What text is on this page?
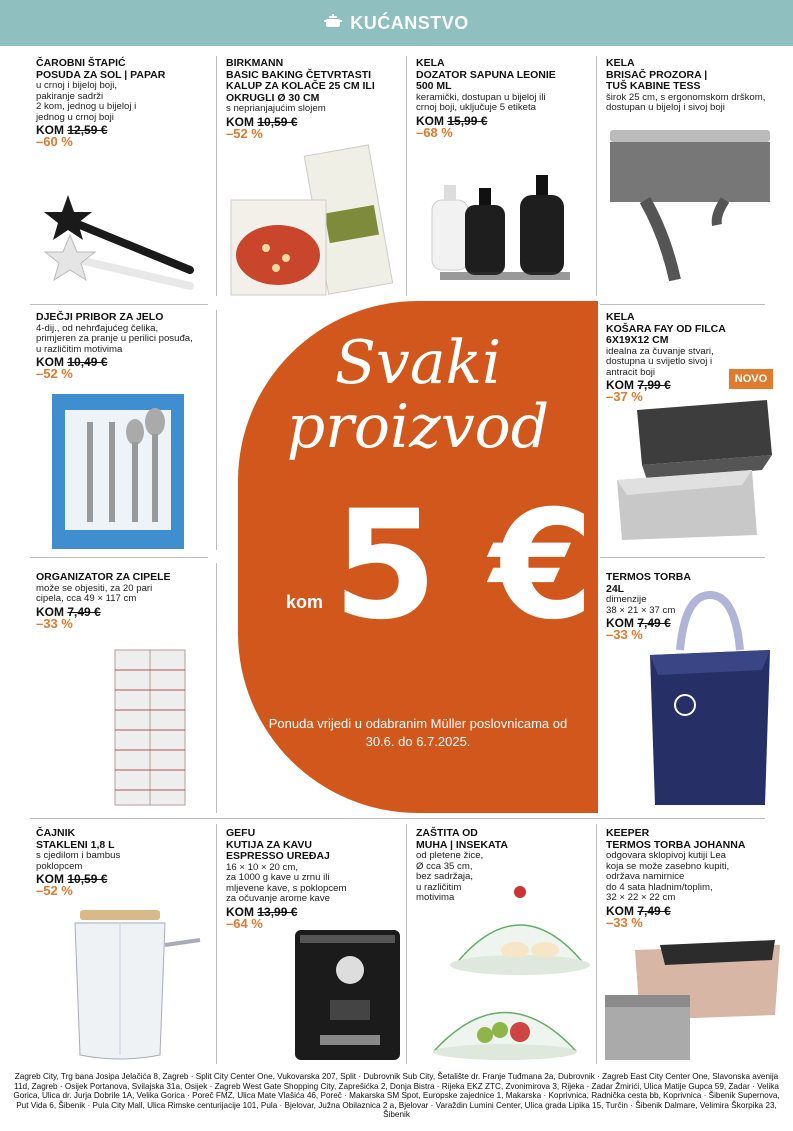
KUĆANSTVO
ČAROBNI ŠTAPIĆ
POSUDA ZA SOL | PAPAR
u crnoj i bijeloj boji,
pakiranje sadrži
2 kom, jednog u bijeloj i
jednog u crnoj boji
KOM 12,59 €
–60 %
BIRKMANN
BASIC BAKING ČETVRTASTI
KALUP ZA KOLAČE 25 CM ILI
OKRUGLI Ø 30 CM
s neprianjajućim slojem
KOM 10,59 €
–52 %
KELA
DOZATOR SAPUNA LEONIE
500 ML
keramički, dostupan u bijeloj ili
crnoj boji, uključuje 5 etiketa
KOM 15,99 €
–68 %
KELA
BRISAČ PROZORA |
TUŠ KABINE TESS
širok 25 cm, s ergonomskom drškom,
dostupan u bijeloj i sivoj boji
DJEČJI PRIBOR ZA JELO
4-dij., od nehrđajućeg čelika,
primjeren za pranje u perilici posuđa,
u različitim motivima
KOM 10,49 €
–52 %
KELA
KOŠARA FAY OD FILCA
6X19X12 CM
idealna za čuvanje stvari,
dostupna u svijetlo sivoj i
antracit boji
KOM 7,99 €
–37 %
NOVO
ORGANIZATOR ZA CIPELE
može se objesiti, za 20 pari
cipela, cca 49 × 117 cm
KOM 7,49 €
–33 %
TERMOS TORBA
24L
dimenzije
38 × 21 × 37 cm
KOM 7,49 €
–33 %
Svaki
proizvod
kom 5 €
Ponuda vrijedi u odabranim Müller poslovnicama od 30.6. do 6.7.2025.
ČAJNIK
STAKLENI 1,8 L
s cjedilom i bambus
poklopcem
KOM 10,59 €
–52 %
GEFU
KUTIJA ZA KAVU
ESPRESSO UREĐAJ
16 × 10 × 20 cm,
za 1000 g kave u zrnu ili
mljevene kave, s poklopcem
za očuvanje arome kave
KOM 13,99 €
–64 %
ZAŠTITA OD
MUHA | INSEKATA
od pletene žice,
Ø cca 35 cm,
bez sadržaja,
u različitim
motivima
KEEPER
TERMOS TORBA JOHANNA
odgovara sklopivoj kutiji Lea
koja se može zasebno kupiti,
održava namirnice
do 4 sata hladnim/toplim,
32 × 22 × 22 cm
KOM 7,49 €
–33 %
Zagreb City, Trg bana Josipa Jelačića 8, Zagreb · Split City Center One, Vukovarska 207, Split · Dubrovnik Sub City, Šetalište dr. Franje Tuđmana 2a, Dubrovnik · Zagreb East City Center One, Slavonska avenija 11d, Zagreb · Osijek Portanova, Svilajska 31a, Osijek · Zagreb West Gate Shopping City, Zaprešićka 2, Donja Bistra · Rijeka EKZ ZTC, Zvonimirova 3, Rijeka · Zadar Žmirići, Ulica Matije Gupca 59, Zadar · Velika Gorica, Ulica dr. Jurja Dobrile 1A, Velika Gorica · Poreč FMZ, Ulica Mate Vlašića 46, Poreč · Makarska SM Spot, Europske zajednice 1, Makarska · Koprivnica, Radnička cesta bb, Koprivnica · Šibenik Supernova, Put Vida 6, Šibenik · Pula City Mall, Ulica Rimske centurijacije 101, Pula · Bjelovar, Južna Obilaznica 2 a, Bjelovar · Varaždin Lumini Center, Ulica grada Lipika 15, Turčin · Šibenik Dalmare, Velimira Škorpika 23, Šibenik
